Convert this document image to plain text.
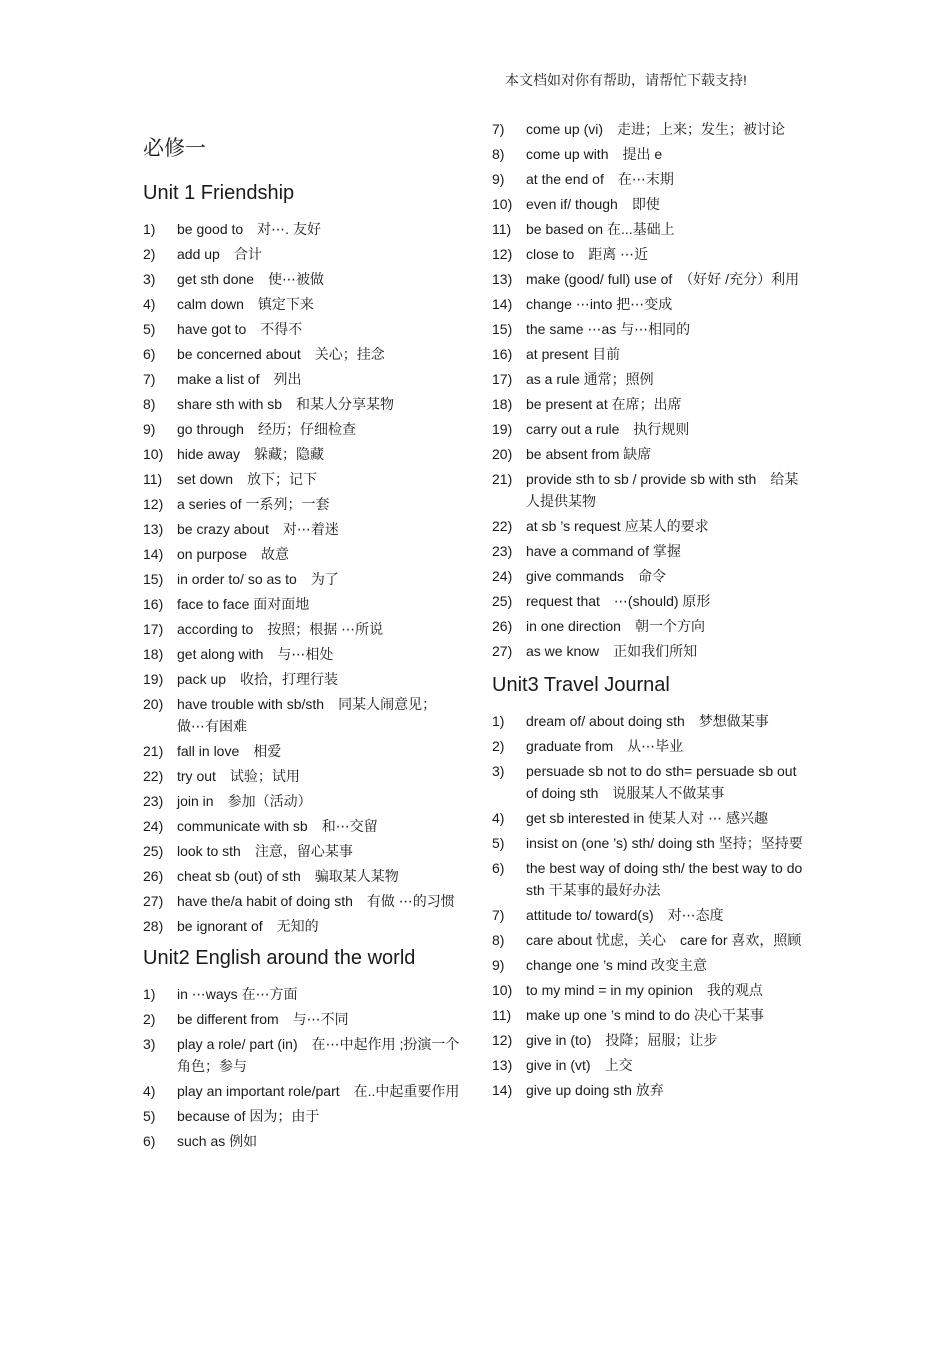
本文档如对你有帮助，请帮忙下载支持!
必修一
Unit 1 Friendship
1) be good to　对⋯. 友好
2) add up　合计
3) get sth done　使⋯被做
4) calm down　镇定下来
5) have got to　不得不
6) be concerned about　关心；挂念
7) make a list of　列出
8) share sth with sb　和某人分享某物
9) go through　经历；仔细检查
10) hide away　躲藏；隐藏
11) set down　放下；记下
12) a series of 一系列；一套
13) be crazy about　对⋯着迷
14) on purpose　故意
15) in order to/ so as to　为了
16) face to face 面对面地
17) according to　按照；根据 ⋯所说
18) get along with　与⋯相处
19) pack up　收拾，打理行装
20) have trouble with sb/sth　同某人闹意见；做⋯有困难
21) fall in love　相爱
22) try out　试验；试用
23) join in　参加（活动）
24) communicate with sb　和⋯交留
25) look to sth　注意，留心某事
26) cheat sb (out) of sth　骗取某人某物
27) have the/a habit of doing sth　有做 ⋯的习惯
28) be ignorant of　无知的
Unit2 English around the world
1) in ⋯ways 在⋯方面
2) be different from　与⋯不同
3) play a role/ part (in)　在⋯中起作用 ;扮演一个角色；参与
4) play an important role/part　在..中起重要作用
5) because of 因为；由于
6) such as 例如
7) come up (vi)　走进；上来；发生；被讨论
8) come up with　提出 e
9) at the end of　在⋯末期
10) even if/ though　即使
11) be based on 在...基础上
12) close to　距离 ⋯近
13) make (good/ full) use of　（好好 /充分）利用
14) change ⋯into 把⋯变成
15) the same ⋯as 与⋯相同的
16) at present 目前
17) as a rule 通常；照例
18) be present at 在席；出席
19) carry out a rule　执行规则
20) be absent from 缺席
21) provide sth to sb / provide sb with sth　给某人提供某物
22) at sb ’s request 应某人的要求
23) have a command of 掌握
24) give commands　命令
25) request that　⋯(should) 原形
26) in one direction　朝一个方向
27) as we know　正如我们所知
Unit3 Travel Journal
1) dream of/ about doing sth　梦想做某事
2) graduate from　从⋯毕业
3) persuade sb not to do sth= persuade sb out of doing sth　说服某人不做某事
4) get sb interested in 使某人对 ⋯ 感兴趣
5) insist on (one ’s) sth/ doing sth 坚持；坚持要
6) the best way of doing sth/ the best way to do sth 干某事的最好办法
7) attitude to/ toward(s)　对⋯态度
8) care about 忧虑，关心　care for 喜欢，照顾
9) change one ’s mind 改变主意
10) to my mind = in my opinion　我的观点
11) make up one ’s mind to do 决心干某事
12) give in (to)　投降；屈服；让步
13) give in (vt)　上交
14) give up doing sth 放弃
